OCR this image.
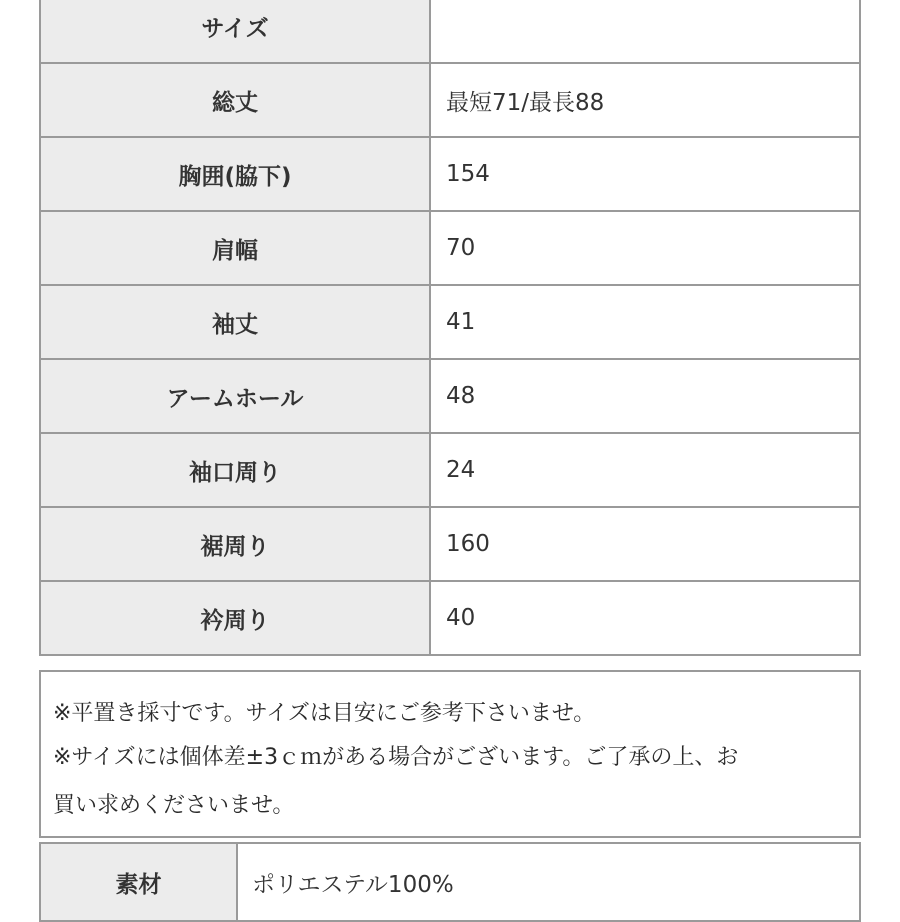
サイズ	
総丈	最短71/最長88
胸囲(脇下)	154
肩幅	70
袖丈	41
アームホール	48
袖口周り	24
裾周り	160
衿周り	40
※平置き採寸です。サイズは目安にご参考下さいませ。
※サイズには個体差±3ｃｍがある場合がございます。ご了承の上、お
買い求めくださいませ。
素材	ポリエステル100%
